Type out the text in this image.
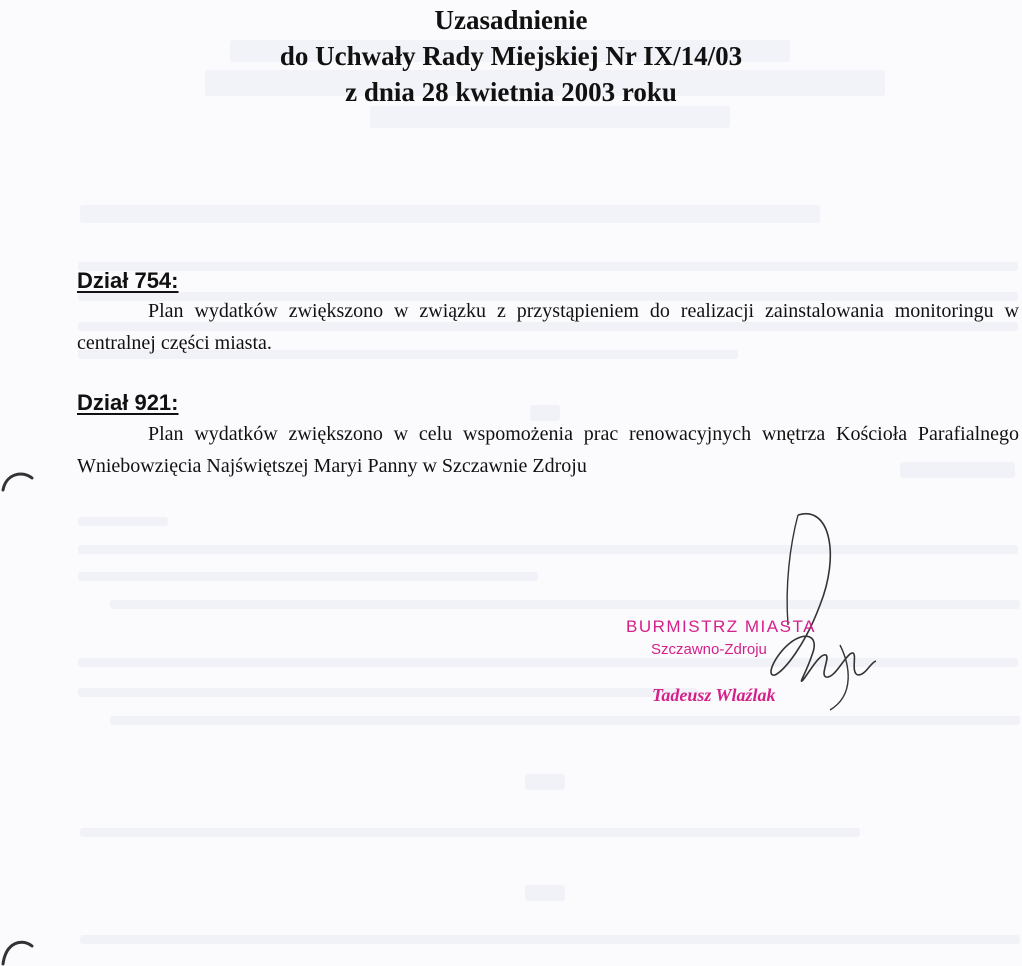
Uzasadnienie
do Uchwały Rady Miejskiej Nr IX/14/03
z dnia 28 kwietnia 2003 roku
Dział 754:
Plan wydatków zwiększono w związku z przystąpieniem do realizacji zainstalowania monitoringu w centralnej części miasta.
Dział 921:
Plan wydatków zwiększono w celu wspomożenia prac renowacyjnych wnętrza Kościoła Parafialnego Wniebowzięcia Najświętszej Maryi Panny w Szczawnie Zdroju
BURMISTRZ MIASTA
Szczawno-Zdroju
Tadeusz Wlaźlak
